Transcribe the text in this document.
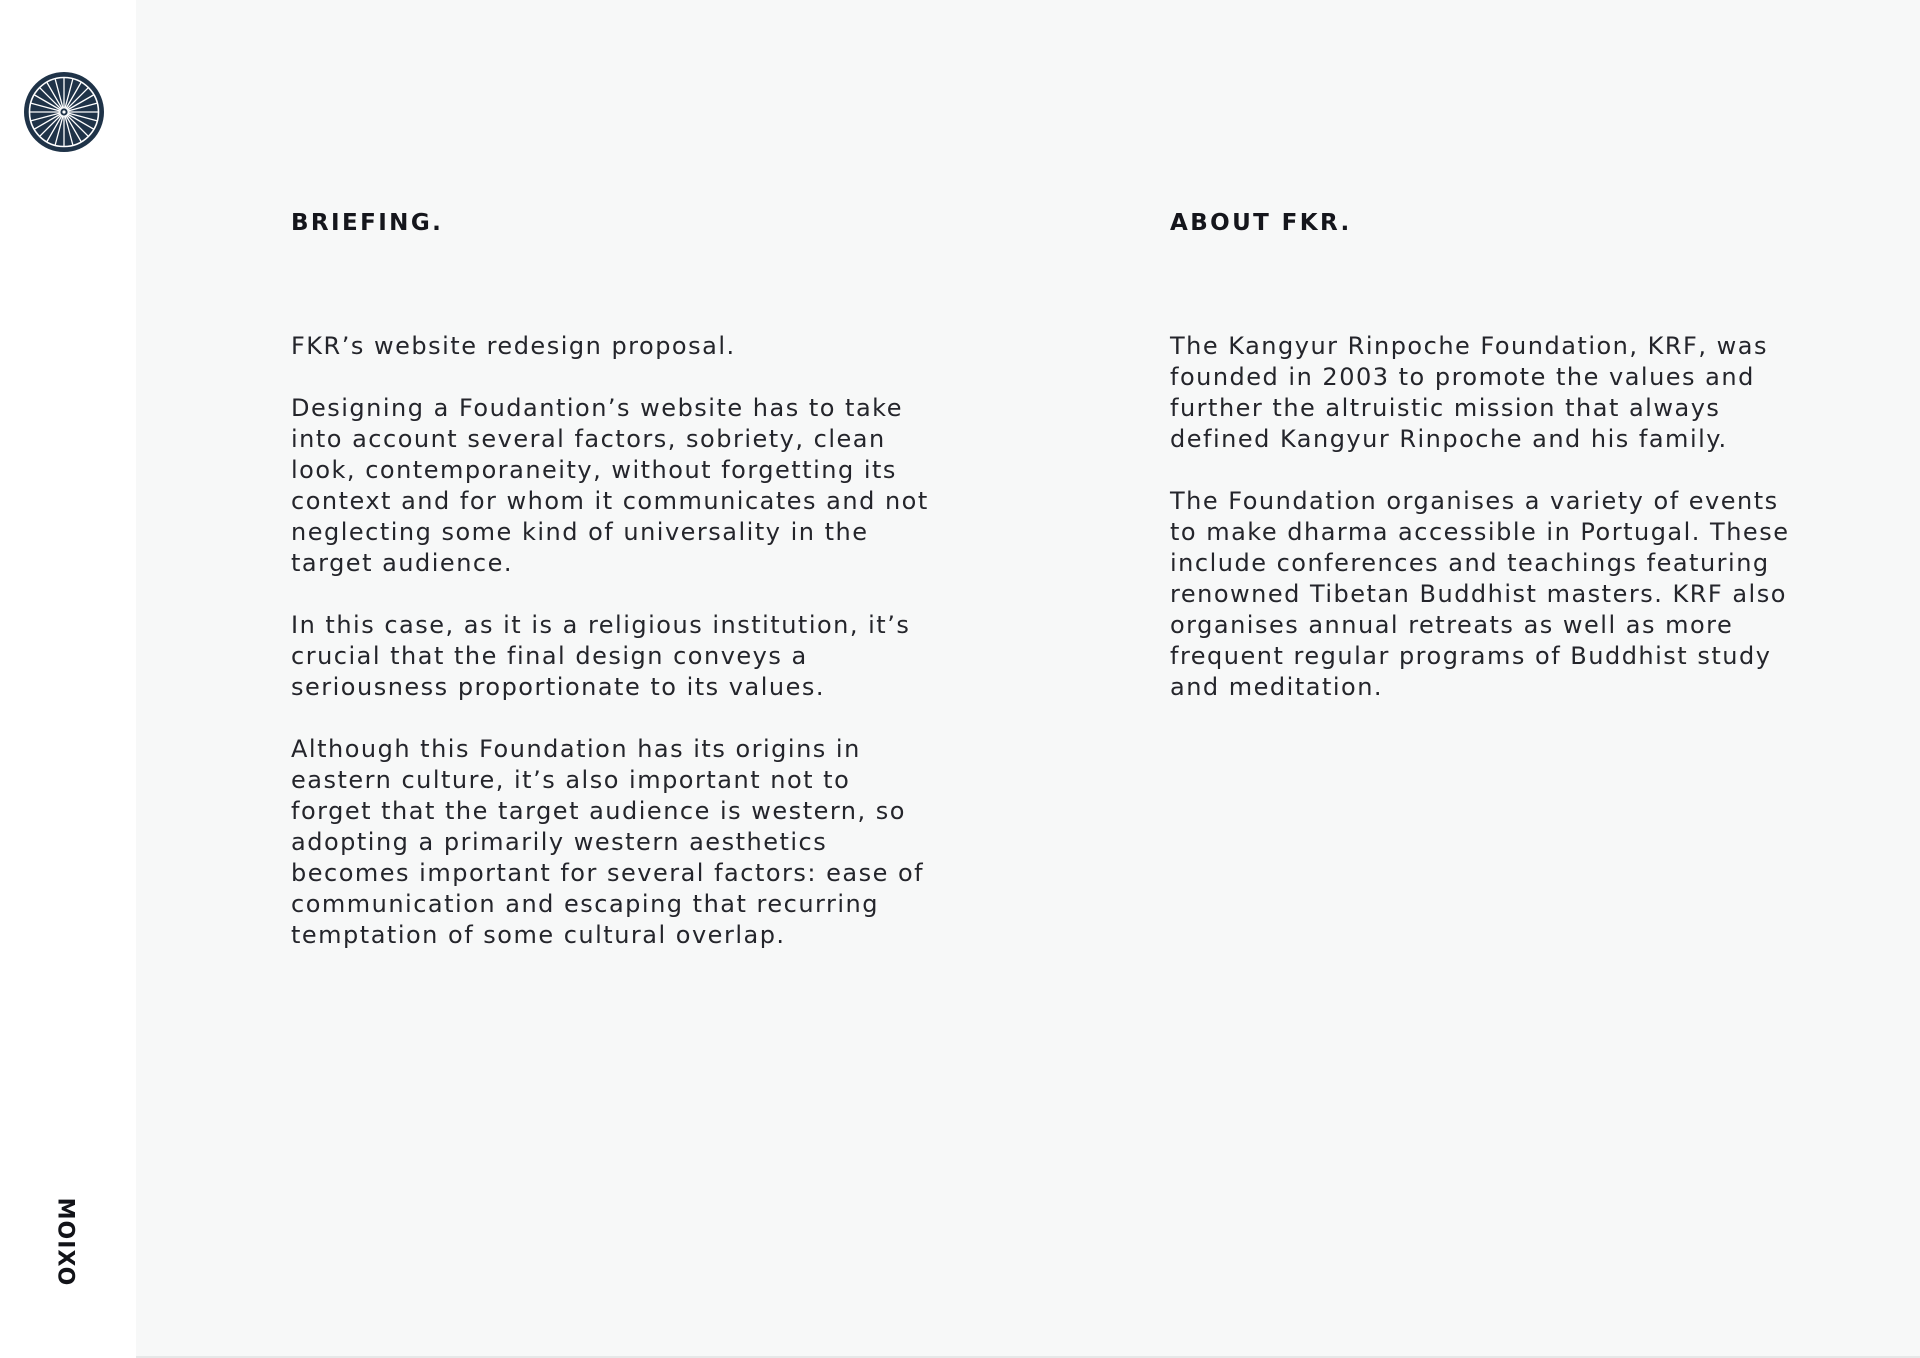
MOIXO
BRIEFING.

FKR’s website redesign proposal.

Designing a Foudantion’s website has to take
into account several factors, sobriety, clean
look, contemporaneity, without forgetting its
context and for whom it communicates and not
neglecting some kind of universality in the
target audience.

In this case, as it is a religious institution, it’s
crucial that the final design conveys a
seriousness proportionate to its values.

Although this Foundation has its origins in
eastern culture, it’s also important not to
forget that the target audience is western, so
adopting a primarily western aesthetics
becomes important for several factors: ease of
communication and escaping that recurring
temptation of some cultural overlap.

ABOUT FKR.

The Kangyur Rinpoche Foundation, KRF, was
founded in 2003 to promote the values and
further the altruistic mission that always
defined Kangyur Rinpoche and his family.

The Foundation organises a variety of events
to make dharma accessible in Portugal. These
include conferences and teachings featuring
renowned Tibetan Buddhist masters. KRF also
organises annual retreats as well as more
frequent regular programs of Buddhist study
and meditation.
